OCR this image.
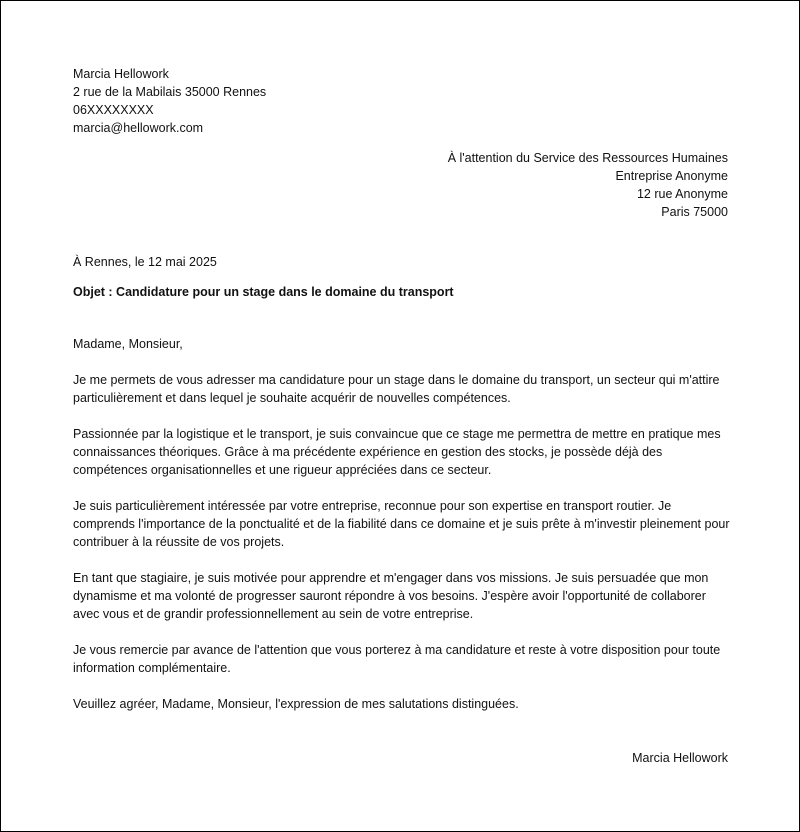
Marcia Hellowork
2 rue de la Mabilais 35000 Rennes
06XXXXXXXX
marcia@hellowork.com
À l'attention du Service des Ressources Humaines
Entreprise Anonyme
12 rue Anonyme
Paris 75000
À Rennes, le 12 mai 2025
Objet : Candidature pour un stage dans le domaine du transport

Madame, Monsieur,

Je me permets de vous adresser ma candidature pour un stage dans le domaine du transport, un secteur qui m'attire particulièrement et dans lequel je souhaite acquérir de nouvelles compétences.

Passionnée par la logistique et le transport, je suis convaincue que ce stage me permettra de mettre en pratique mes connaissances théoriques. Grâce à ma précédente expérience en gestion des stocks, je possède déjà des compétences organisationnelles et une rigueur appréciées dans ce secteur.

Je suis particulièrement intéressée par votre entreprise, reconnue pour son expertise en transport routier. Je comprends l'importance de la ponctualité et de la fiabilité dans ce domaine et je suis prête à m'investir pleinement pour contribuer à la réussite de vos projets.

En tant que stagiaire, je suis motivée pour apprendre et m'engager dans vos missions. Je suis persuadée que mon dynamisme et ma volonté de progresser sauront répondre à vos besoins. J'espère avoir l'opportunité de collaborer avec vous et de grandir professionnellement au sein de votre entreprise.

Je vous remercie par avance de l'attention que vous porterez à ma candidature et reste à votre disposition pour toute information complémentaire.

Veuillez agréer, Madame, Monsieur, l'expression de mes salutations distinguées.

Marcia Hellowork
